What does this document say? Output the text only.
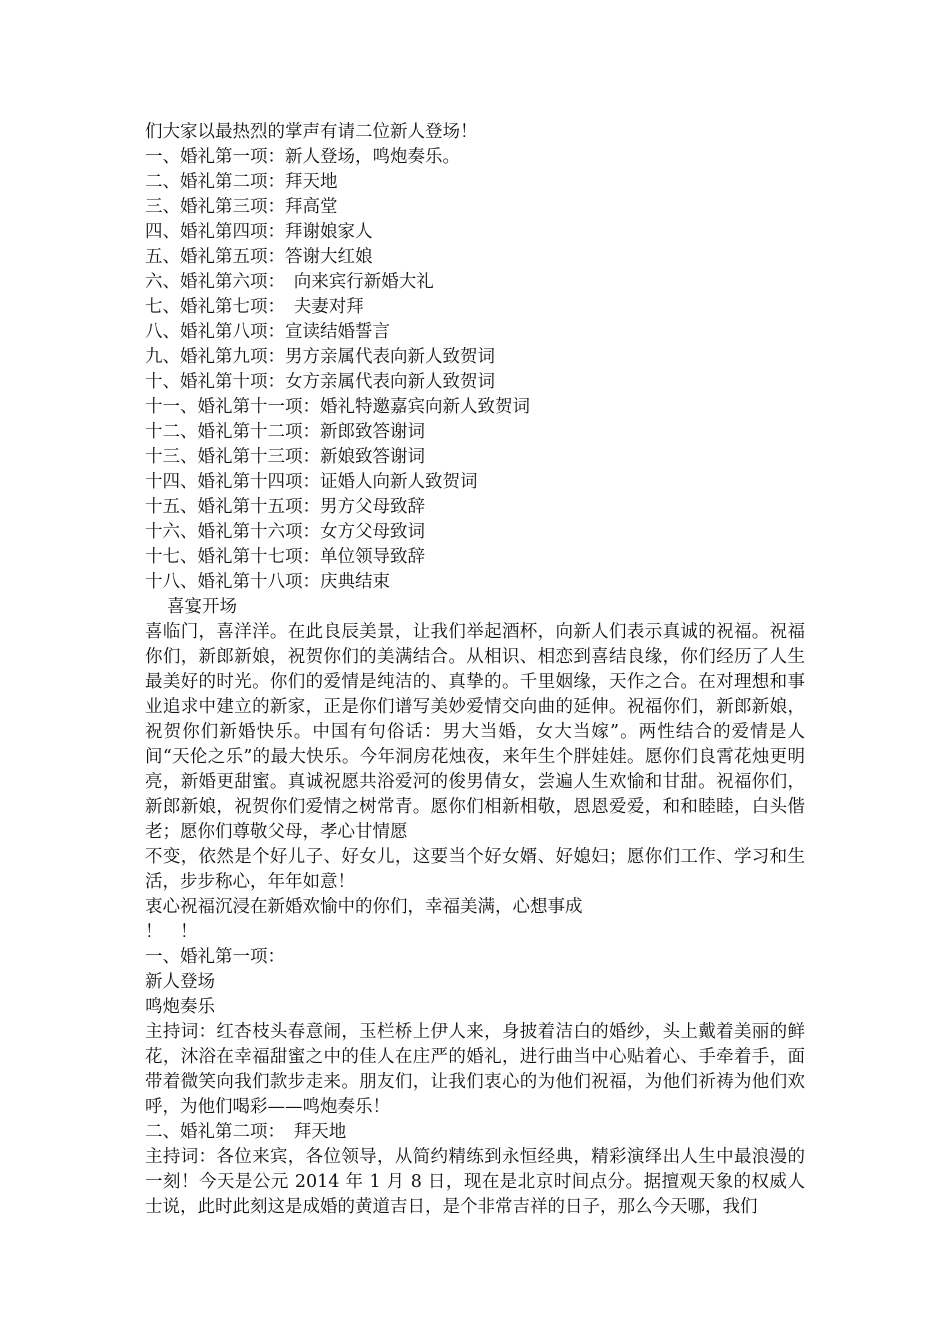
们大家以最热烈的掌声有请二位新人登场！

一、婚礼第一项：新人登场，鸣炮奏乐。

二、婚礼第二项：拜天地

三、婚礼第三项：拜高堂

四、婚礼第四项：拜谢娘家人

五、婚礼第五项：答谢大红娘

六、婚礼第六项：　向来宾行新婚大礼

七、婚礼第七项：　夫妻对拜

八、婚礼第八项：宣读结婚誓言

九、婚礼第九项：男方亲属代表向新人致贺词

十、婚礼第十项：女方亲属代表向新人致贺词

十一、婚礼第十一项：婚礼特邀嘉宾向新人致贺词

十二、婚礼第十二项：新郎致答谢词

十三、婚礼第十三项：新娘致答谢词

十四、婚礼第十四项：证婚人向新人致贺词

十五、婚礼第十五项：男方父母致辞

十六、婚礼第十六项：女方父母致词

十七、婚礼第十七项：单位领导致辞

十八、婚礼第十八项：庆典结束

喜宴开场

喜临门，喜洋洋。在此良辰美景，让我们举起酒杯，向新人们表示真诚的祝福。祝福你们，新郎新娘，祝贺你们的美满结合。从相识、相恋到喜结良缘，你们经历了人生最美好的时光。你们的爱情是纯洁的、真挚的。千里姻缘，天作之合。在对理想和事业追求中建立的新家，正是你们谱写美妙爱情交向曲的延伸。祝福你们，新郎新娘，祝贺你们新婚快乐。中国有句俗话：男大当婚，女大当嫁”。两性结合的爱情是人间“天伦之乐”的最大快乐。今年洞房花烛夜，来年生个胖娃娃。愿你们良霄花烛更明亮，新婚更甜蜜。真诚祝愿共浴爱河的俊男倩女，尝遍人生欢愉和甘甜。祝福你们，新郎新娘，祝贺你们爱情之树常青。愿你们相新相敬，恩恩爱爱，和和睦睦，白头偕老；愿你们尊敬父母，孝心甘情愿

不变，依然是个好儿子、好女儿，这要当个好女婿、好媳妇；愿你们工作、学习和生活，步步称心，年年如意！

衷心祝福沉浸在新婚欢愉中的你们，幸福美满，心想事成

！　！

一、婚礼第一项：

新人登场

鸣炮奏乐

主持词：红杏枝头春意闹，玉栏桥上伊人来，身披着洁白的婚纱，头上戴着美丽的鲜花，沐浴在幸福甜蜜之中的佳人在庄严的婚礼，进行曲当中心贴着心、手牵着手，面带着微笑向我们款步走来。朋友们，让我们衷心的为他们祝福，为他们祈祷为他们欢呼，为他们喝彩——鸣炮奏乐！

二、婚礼第二项：　拜天地

主持词：各位来宾，各位领导，从简约精练到永恒经典，精彩演绎出人生中最浪漫的一刻！今天是公元 2014 年 1 月 8 日，现在是北京时间点分。据擅观天象的权威人士说，此时此刻这是成婚的黄道吉日，是个非常吉祥的日子，那么今天哪，我们
